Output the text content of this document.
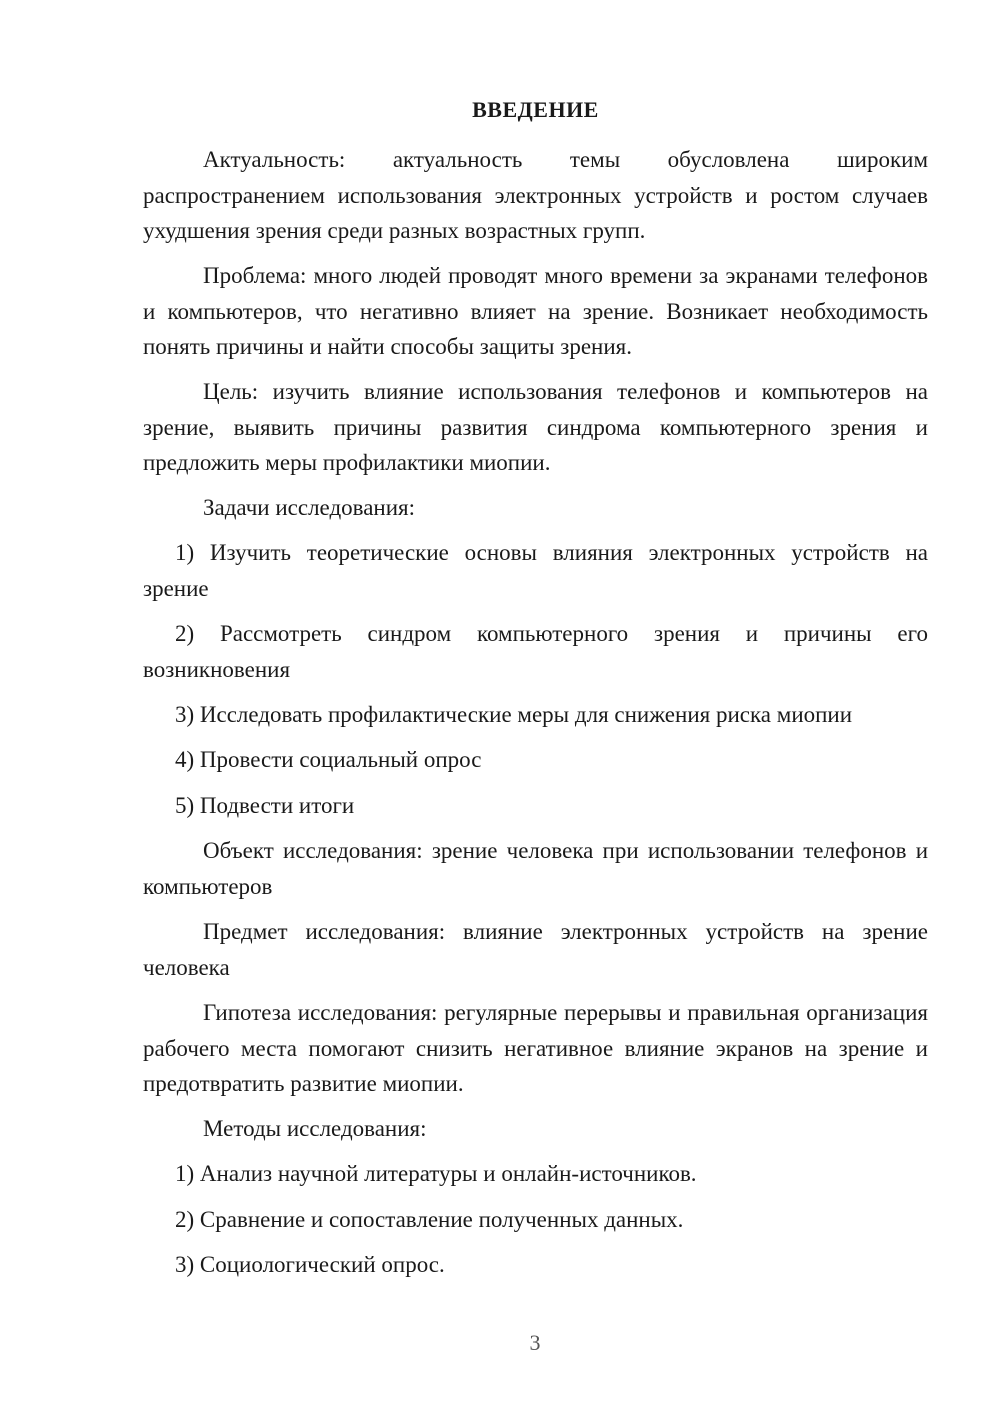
ВВЕДЕНИЕ

Актуальность: актуальность темы обусловлена широким распространением использования электронных устройств и ростом случаев ухудшения зрения среди разных возрастных групп.

Проблема: много людей проводят много времени за экранами телефонов и компьютеров, что негативно влияет на зрение. Возникает необходимость понять причины и найти способы защиты зрения.

Цель: изучить влияние использования телефонов и компьютеров на зрение, выявить причины развития синдрома компьютерного зрения и предложить меры профилактики миопии.

Задачи исследования:

1) Изучить теоретические основы влияния электронных устройств на зрение

2) Рассмотреть синдром компьютерного зрения и причины его возникновения

3) Исследовать профилактические меры для снижения риска миопии

4) Провести социальный опрос

5) Подвести итоги

Объект исследования: зрение человека при использовании телефонов и компьютеров

Предмет исследования: влияние электронных устройств на зрение человека

Гипотеза исследования: регулярные перерывы и правильная организация рабочего места помогают снизить негативное влияние экранов на зрение и предотвратить развитие миопии.

Методы исследования:

1) Анализ научной литературы и онлайн-источников.

2) Сравнение и сопоставление полученных данных.

3) Социологический опрос.

3
